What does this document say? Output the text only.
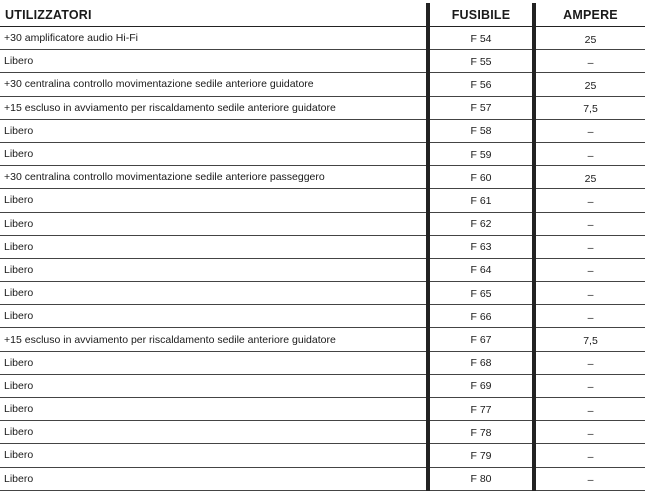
UTILIZZATORI	FUSIBILE	AMPERE
+30 amplificatore audio Hi-Fi	F 54	25
Libero	F 55	–
+30 centralina controllo movimentazione sedile anteriore guidatore	F 56	25
+15 escluso in avviamento per riscaldamento sedile anteriore guidatore	F 57	7,5
Libero	F 58	–
Libero	F 59	–
+30 centralina controllo movimentazione sedile anteriore passeggero	F 60	25
Libero	F 61	–
Libero	F 62	–
Libero	F 63	–
Libero	F 64	–
Libero	F 65	–
Libero	F 66	–
+15 escluso in avviamento per riscaldamento sedile anteriore guidatore	F 67	7,5
Libero	F 68	–
Libero	F 69	–
Libero	F 77	–
Libero	F 78	–
Libero	F 79	–
Libero	F 80	–
